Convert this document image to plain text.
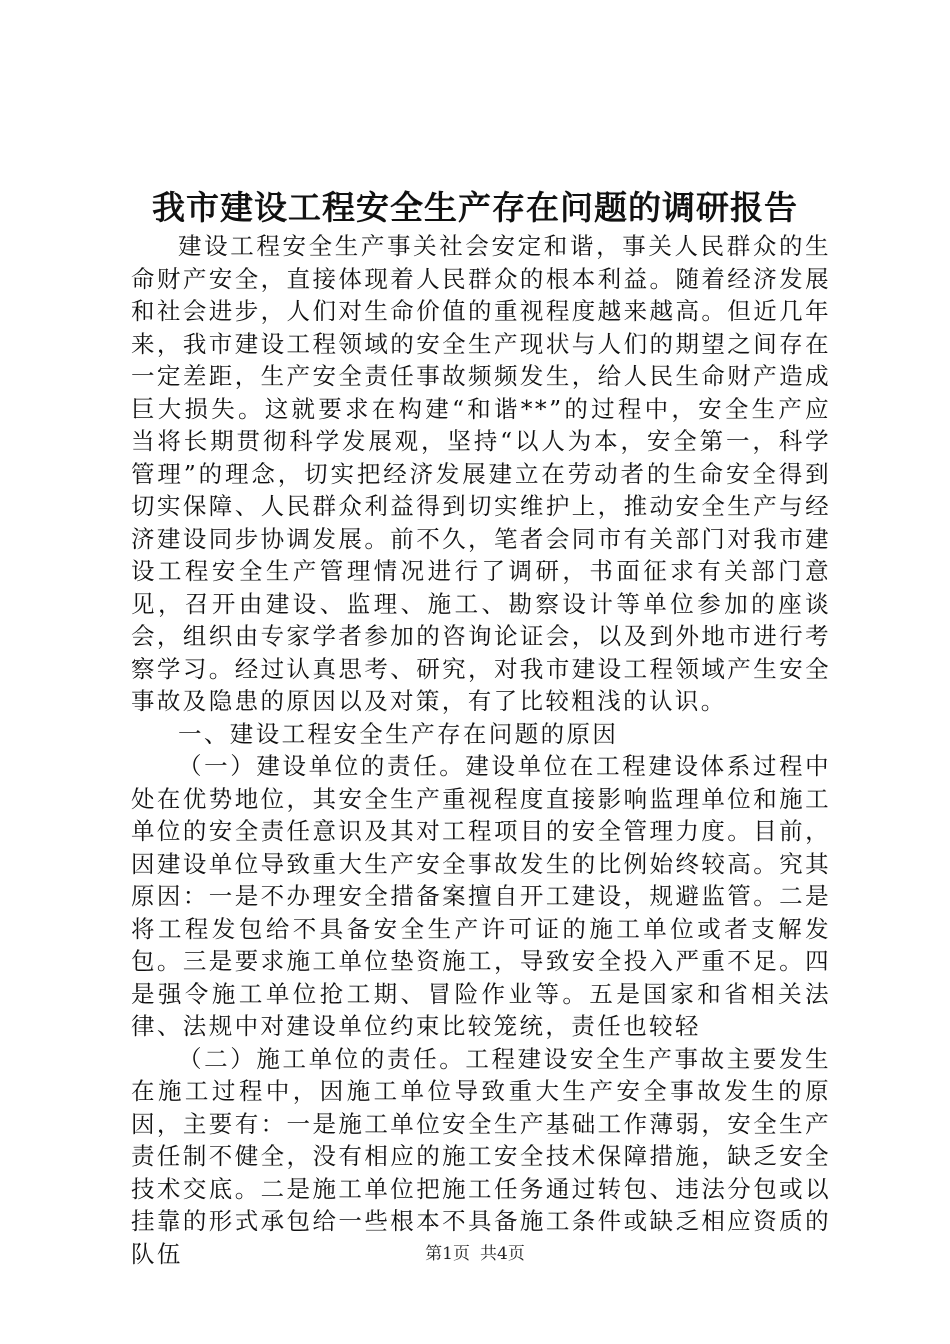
我市建设工程安全生产存在问题的调研报告

建设工程安全生产事关社会安定和谐，事关人民群众的生命财产安全，直接体现着人民群众的根本利益。随着经济发展和社会进步，人们对生命价值的重视程度越来越高。但近几年来，我市建设工程领域的安全生产现状与人们的期望之间存在一定差距，生产安全责任事故频频发生，给人民生命财产造成巨大损失。这就要求在构建“和谐**”的过程中，安全生产应当将长期贯彻科学发展观，坚持“以人为本，安全第一，科学管理”的理念，切实把经济发展建立在劳动者的生命安全得到切实保障、人民群众利益得到切实维护上，推动安全生产与经济建设同步协调发展。前不久，笔者会同市有关部门对我市建设工程安全生产管理情况进行了调研，书面征求有关部门意见，召开由建设、监理、施工、勘察设计等单位参加的座谈会，组织由专家学者参加的咨询论证会，以及到外地市进行考察学习。经过认真思考、研究，对我市建设工程领域产生安全事故及隐患的原因以及对策，有了比较粗浅的认识。

一、建设工程安全生产存在问题的原因

（一）建设单位的责任。建设单位在工程建设体系过程中处在优势地位，其安全生产重视程度直接影响监理单位和施工单位的安全责任意识及其对工程项目的安全管理力度。目前，因建设单位导致重大生产安全事故发生的比例始终较高。究其原因：一是不办理安全措备案擅自开工建设，规避监管。二是将工程发包给不具备安全生产许可证的施工单位或者支解发包。三是要求施工单位垫资施工，导致安全投入严重不足。四是强令施工单位抢工期、冒险作业等。五是国家和省相关法律、法规中对建设单位约束比较笼统，责任也较轻

（二）施工单位的责任。工程建设安全生产事故主要发生在施工过程中，因施工单位导致重大生产安全事故发生的原因，主要有：一是施工单位安全生产基础工作薄弱，安全生产责任制不健全，没有相应的施工安全技术保障措施，缺乏安全技术交底。二是施工单位把施工任务通过转包、违法分包或以挂靠的形式承包给一些根本不具备施工条件或缺乏相应资质的队伍	第1页 共4页
